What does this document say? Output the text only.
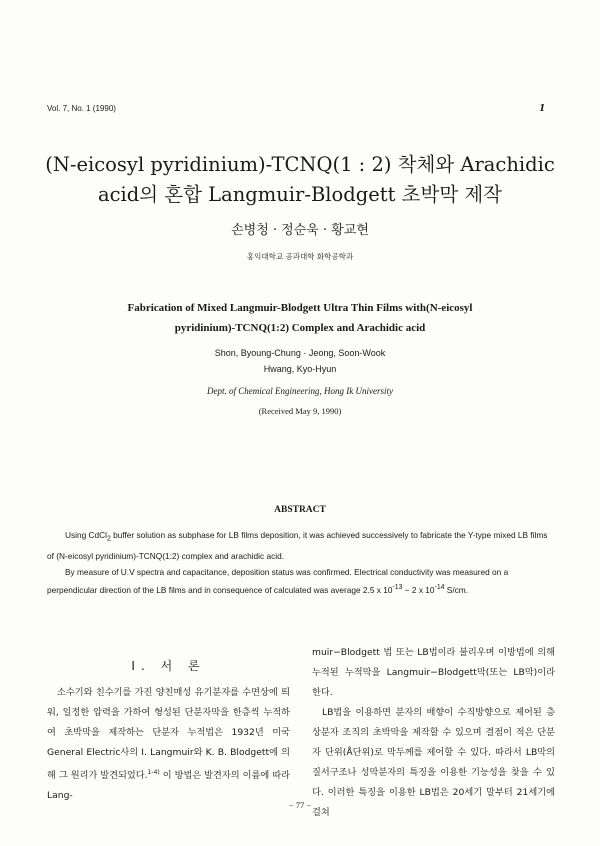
Vol. 7, No. 1 (1990)	1
(N-eicosyl pyridinium)-TCNQ(1 : 2) 착체와 Arachidic
acid의 혼합 Langmuir-Blodgett 초박막 제작
손병청 · 정순욱 · 황교현
홍익대학교 공과대학 화학공학과
Fabrication of Mixed Langmuir-Blodgett Ultra Thin Films with(N-eicosyl
pyridinium)-TCNQ(1:2) Complex and Arachidic acid
Shon, Byoung-Chung · Jeong, Soon-Wook
Hwang, Kyo-Hyun
Dept. of Chemical Engineering, Hong Ik University
(Received May 9, 1990)
ABSTRACT

Using CdCl$_2$ buffer solution as subphase for LB films deposition, it was achieved successively to fabricate the Y-type mixed LB films of (N-eicosyl pyridinium)-TCNQ(1:2) complex and arachidic acid.

By measure of U.V spectra and capacitance, deposition status was confirmed. Electrical conductivity was measured on a perpendicular direction of the LB films and in consequence of calculated was average 2.5 x $10^{-13} - 2$ x $10^{-14}$ S/cm.

I. 서 론

소수기와 친수기를 가진 양친매성 유기분자를 수면상에 띄워, 일정한 압력을 가하여 형성된 단분자막을 한층씩 누적하여 초박막을 제작하는 단분자 누적법은 1932년 미국 General Electric사의 I. Langmuir와 K. B. Blodgett에 의해 그 원리가 발견되었다.$^{1-4)}$ 이 방법은 발견자의 이름에 따라 Lang-

muir−Blodgett 법 또는 LB법이라 불리우며 이방법에 의해 누적된 누적막을 Langmuir−Blodgett막(또는 LB막)이라 한다.

LB법을 이용하면 분자의 배향이 수직방향으로 제어된 층상분자 조직의 초박막을 제작할 수 있으며 결점이 적은 단분자 단위(Å단위)로 막두께를 제어할 수 있다. 따라서 LB막의 질서구조나 성막분자의 특징을 이용한 기능성을 찾을 수 있다. 이러한 특징을 이용한 LB법은 20세기 말부터 21세기에 걸쳐

− 77 −
